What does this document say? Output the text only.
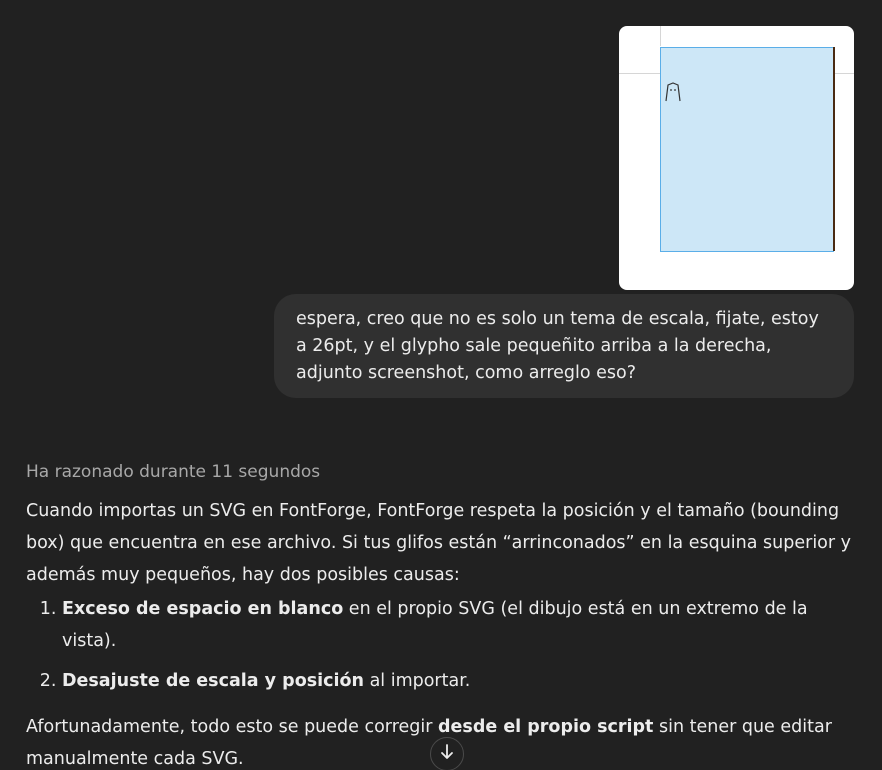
espera, creo que no es solo un tema de escala, fijate, estoy a 26pt, y el glypho sale pequeñito arriba a la derecha, adjunto screenshot, como arreglo eso?
Ha razonado durante 11 segundos

Cuando importas un SVG en FontForge, FontForge respeta la posición y el tamaño (bounding box) que encuentra en ese archivo. Si tus glifos están “arrinconados” en la esquina superior y además muy pequeños, hay dos posibles causas:

1. Exceso de espacio en blanco en el propio SVG (el dibujo está en un extremo de la vista).
2. Desajuste de escala y posición al importar.

Afortunadamente, todo esto se puede corregir desde el propio script sin tener que editar manualmente cada SVG.
